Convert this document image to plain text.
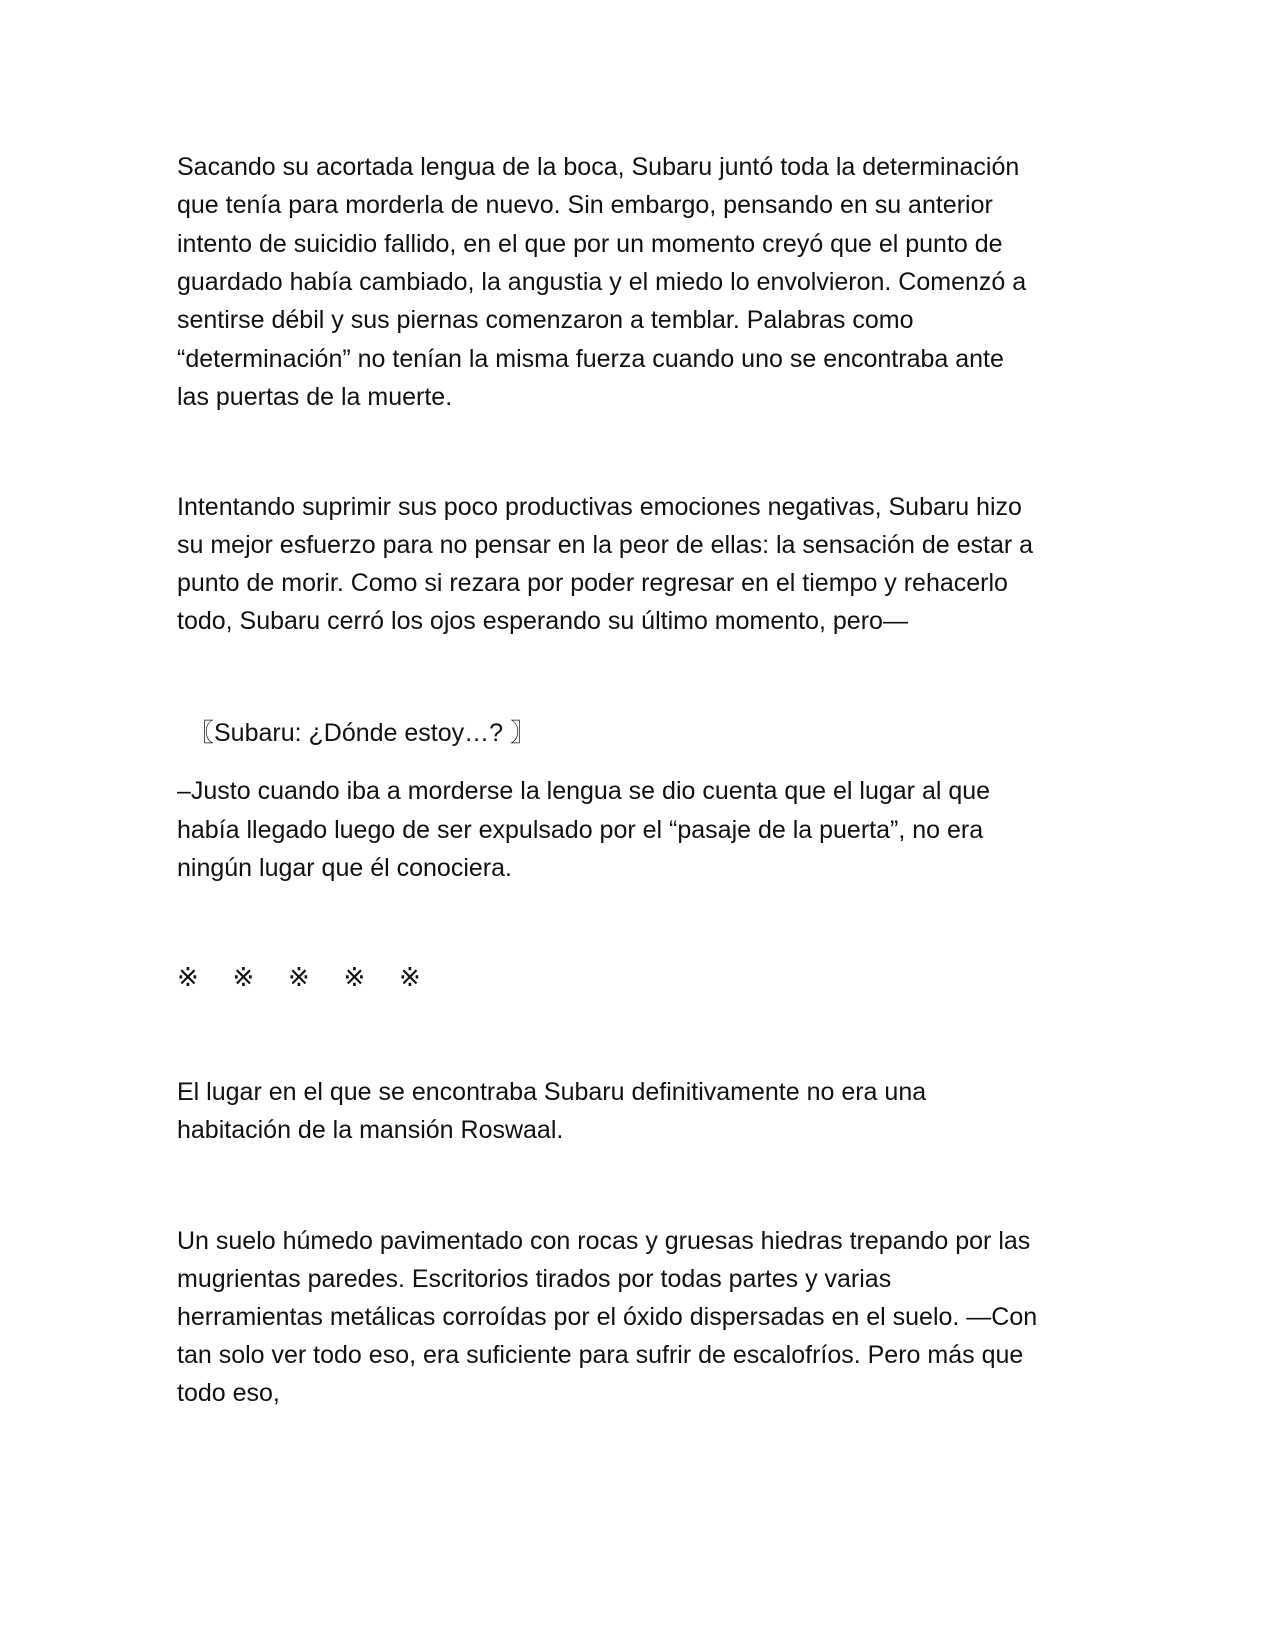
Sacando su acortada lengua de la boca, Subaru juntó toda la determinación
que tenía para morderla de nuevo. Sin embargo, pensando en su anterior
intento de suicidio fallido, en el que por un momento creyó que el punto de
guardado había cambiado, la angustia y el miedo lo envolvieron. Comenzó a
sentirse débil y sus piernas comenzaron a temblar. Palabras como
“determinación” no tenían la misma fuerza cuando uno se encontraba ante
las puertas de la muerte.
Intentando suprimir sus poco productivas emociones negativas, Subaru hizo
su mejor esfuerzo para no pensar en la peor de ellas: la sensación de estar a
punto de morir. Como si rezara por poder regresar en el tiempo y rehacerlo
todo, Subaru cerró los ojos esperando su último momento, pero—
〖Subaru: ¿Dónde estoy…? 〗
–Justo cuando iba a morderse la lengua se dio cuenta que el lugar al que
había llegado luego de ser expulsado por el “pasaje de la puerta”, no era
ningún lugar que él conociera.
※ ※ ※ ※ ※
El lugar en el que se encontraba Subaru definitivamente no era una
habitación de la mansión Roswaal.
Un suelo húmedo pavimentado con rocas y gruesas hiedras trepando por las
mugrientas paredes. Escritorios tirados por todas partes y varias
herramientas metálicas corroídas por el óxido dispersadas en el suelo. —Con
tan solo ver todo eso, era suficiente para sufrir de escalofríos. Pero más que
todo eso,
